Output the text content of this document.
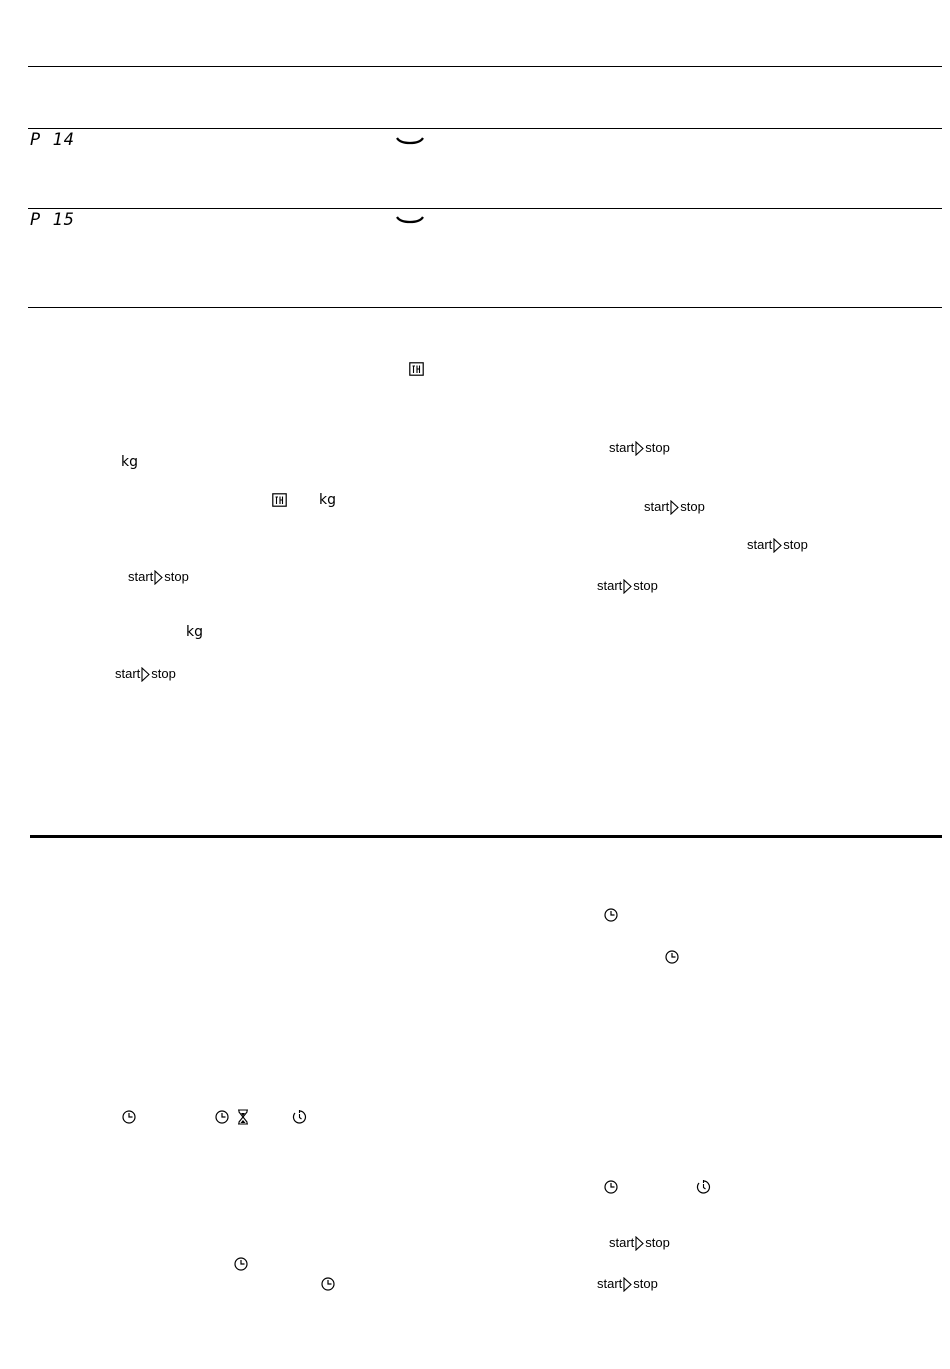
P 14
P 15
kg
kg
start stop
kg
start stop
start stop
start stop
start stop
start stop
start stop
start stop
